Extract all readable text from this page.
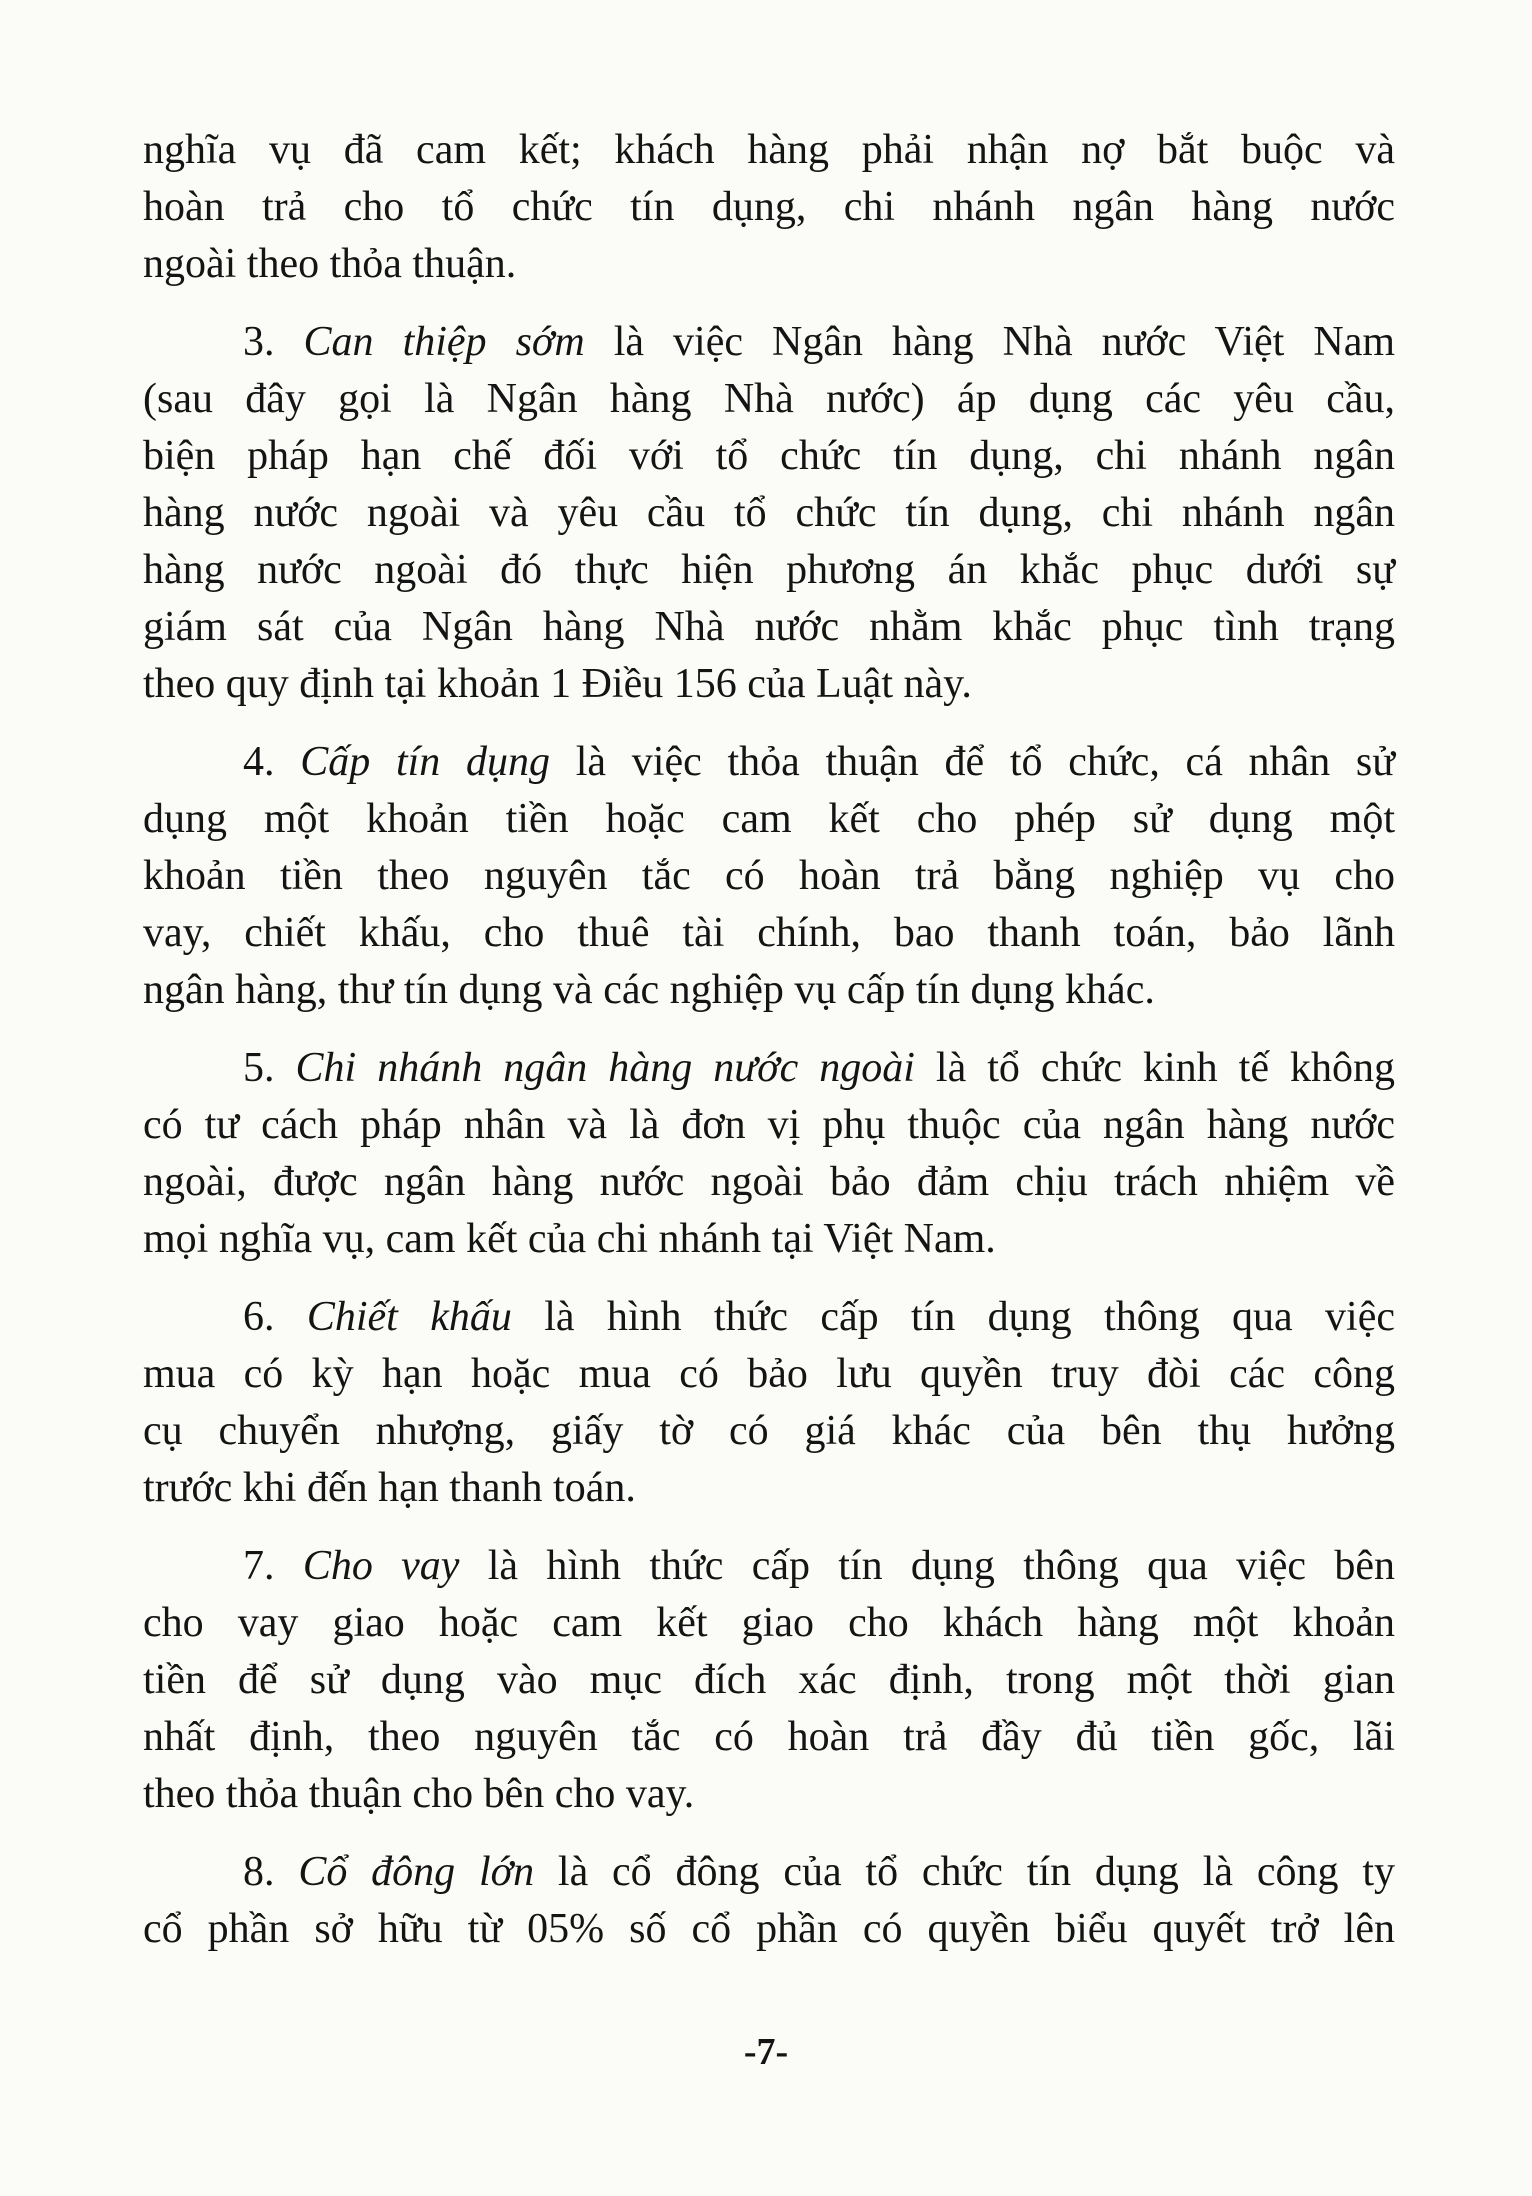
nghĩa vụ đã cam kết; khách hàng phải nhận nợ bắt buộc và
hoàn trả cho tổ chức tín dụng, chi nhánh ngân hàng nước
ngoài theo thỏa thuận.
3. Can thiệp sớm là việc Ngân hàng Nhà nước Việt Nam
(sau đây gọi là Ngân hàng Nhà nước) áp dụng các yêu cầu,
biện pháp hạn chế đối với tổ chức tín dụng, chi nhánh ngân
hàng nước ngoài và yêu cầu tổ chức tín dụng, chi nhánh ngân
hàng nước ngoài đó thực hiện phương án khắc phục dưới sự
giám sát của Ngân hàng Nhà nước nhằm khắc phục tình trạng
theo quy định tại khoản 1 Điều 156 của Luật này.
4. Cấp tín dụng là việc thỏa thuận để tổ chức, cá nhân sử
dụng một khoản tiền hoặc cam kết cho phép sử dụng một
khoản tiền theo nguyên tắc có hoàn trả bằng nghiệp vụ cho
vay, chiết khấu, cho thuê tài chính, bao thanh toán, bảo lãnh
ngân hàng, thư tín dụng và các nghiệp vụ cấp tín dụng khác.
5. Chi nhánh ngân hàng nước ngoài là tổ chức kinh tế không
có tư cách pháp nhân và là đơn vị phụ thuộc của ngân hàng nước
ngoài, được ngân hàng nước ngoài bảo đảm chịu trách nhiệm về
mọi nghĩa vụ, cam kết của chi nhánh tại Việt Nam.
6. Chiết khấu là hình thức cấp tín dụng thông qua việc
mua có kỳ hạn hoặc mua có bảo lưu quyền truy đòi các công
cụ chuyển nhượng, giấy tờ có giá khác của bên thụ hưởng
trước khi đến hạn thanh toán.
7. Cho vay là hình thức cấp tín dụng thông qua việc bên
cho vay giao hoặc cam kết giao cho khách hàng một khoản
tiền để sử dụng vào mục đích xác định, trong một thời gian
nhất định, theo nguyên tắc có hoàn trả đầy đủ tiền gốc, lãi
theo thỏa thuận cho bên cho vay.
8. Cổ đông lớn là cổ đông của tổ chức tín dụng là công ty
cổ phần sở hữu từ 05% số cổ phần có quyền biểu quyết trở lên
-7-
